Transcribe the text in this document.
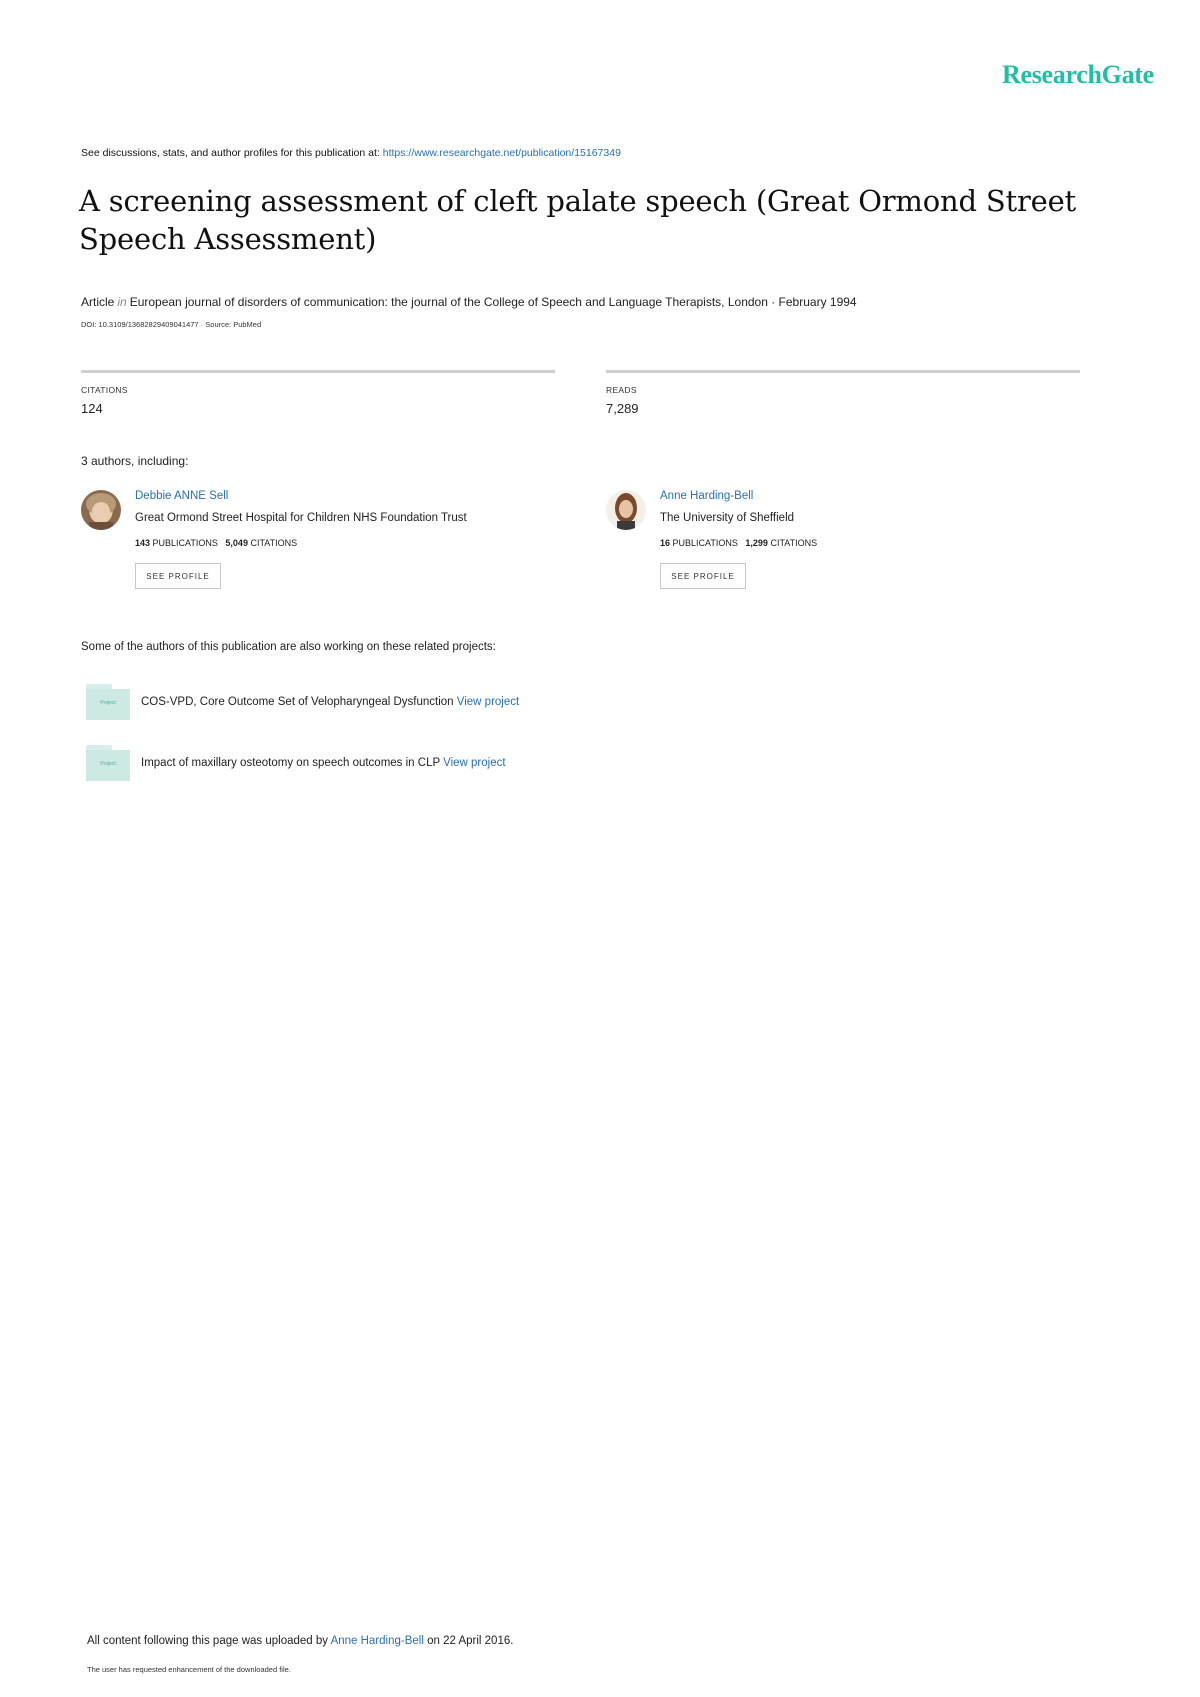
ResearchGate
See discussions, stats, and author profiles for this publication at: https://www.researchgate.net/publication/15167349
A screening assessment of cleft palate speech (Great Ormond Street Speech Assessment)
Article in European journal of disorders of communication: the journal of the College of Speech and Language Therapists, London · February 1994
DOI: 10.3109/13682829409041477 · Source: PubMed
CITATIONS
124
READS
7,289
3 authors, including:
Debbie ANNE Sell
Great Ormond Street Hospital for Children NHS Foundation Trust
143 PUBLICATIONS 5,049 CITATIONS
SEE PROFILE
Anne Harding-Bell
The University of Sheffield
16 PUBLICATIONS 1,299 CITATIONS
SEE PROFILE
Some of the authors of this publication are also working on these related projects:
Project	COS-VPD, Core Outcome Set of Velopharyngeal Dysfunction View project
Project	Impact of maxillary osteotomy on speech outcomes in CLP View project
All content following this page was uploaded by Anne Harding-Bell on 22 April 2016.
The user has requested enhancement of the downloaded file.
